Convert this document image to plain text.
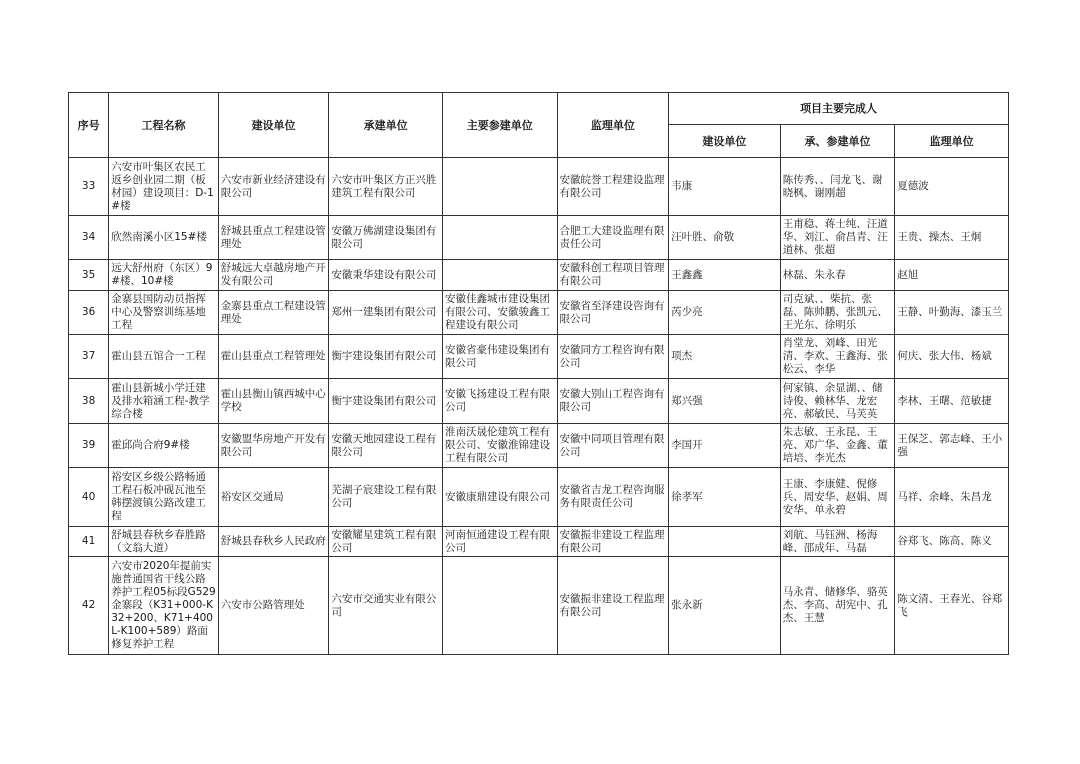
序号	工程名称	建设单位	承建单位	主要参建单位	监理单位	项目主要完成人		
						建设单位	承、参建单位	监理单位
33	六安市叶集区农民工返乡创业园二期（板材园）建设项目：D-1#楼	六安市新业经济建设有限公司	六安市叶集区方正兴胜建筑工程有限公司		安徽皖誉工程建设监理有限公司	韦康	陈传秀、、闫龙飞、谢晓枫、谢刚超	夏德波
34	欣然南溪小区15#楼	舒城县重点工程建设管理处	安徽万佛湖建设集团有限公司		合肥工大建设监理有限责任公司	汪叶胜、俞敬	王甫稳、蒋士纯、汪道华、刘江、俞昌青、汪道林、张超	王贵、操杰、王炯
35	远大舒州府（东区）9#楼、10#楼	舒城远大卓越房地产开发有限公司	安徽秉华建设有限公司		安徽科创工程项目管理有限公司	王鑫鑫	林磊、朱永春	赵旭
36	金寨县国防动员指挥中心及警察训练基地工程	金寨县重点工程建设管理处	郑州一建集团有限公司	安徽佳鑫城市建设集团有限公司、安徽骏鑫工程建设有限公司	安徽省至泽建设咨询有限公司	芮少亮	司克斌、、柴抗、张磊、陈帅鹏、张凯元、王光东、徐明乐	王静、叶勤海、漆玉兰
37	霍山县五馆合一工程	霍山县重点工程管理处	衡宇建设集团有限公司	安徽省豪伟建设集团有限公司	安徽同方工程咨询有限公司	项杰	肖堂龙、刘峰、田光清、李欢、王鑫海、张松云、李华	何庆、张大伟、杨斌
38	霍山县新城小学迁建及排水箱涵工程-教学综合楼	霍山县衡山镇西城中心学校	衡宇建设集团有限公司	安徽飞扬建设工程有限公司	安徽大别山工程咨询有限公司	郑兴强	何家镇、余显湖、、储诗俊、赖林华、龙宏亮、郝敏民、马芙英	李林、王曙、范敏捷
39	霍邱尚合府9#楼	安徽盟华房地产开发有限公司	安徽天地园建设工程有限公司	淮南沃晟伦建筑工程有限公司、安徽淮锦建设工程有限公司	安徽中同项目管理有限公司	李国开	朱志敏、王永昆、王亮、邓广华、金鑫、董培培、李光杰	王保芝、郭志峰、王小强
40	裕安区乡级公路畅通工程石板冲砚瓦池至韩摆渡镇公路改建工程	裕安区交通局	芜湖子宸建设工程有限公司	安徽康鼎建设有限公司	安徽省吉龙工程咨询服务有限责任公司	徐孝军	王康、李康健、倪修兵、周安华、赵娟、周安华、单永碧	马祥、余峰、朱昌龙
41	舒城县春秋乡春胜路（文翁大道）	舒城县春秋乡人民政府	安徽耀星建筑工程有限公司	河南恒通建设工程有限公司	安徽振非建设工程监理有限公司		刘航、马钰洲、杨海峰、邵成年、马磊	谷郑飞、陈高、陈义
42	六安市2020年提前实施普通国省干线公路养护工程05标段G529金寨段（K31+000-K32+200、K71+400L-K100+589）路面修复养护工程	六安市公路管理处	六安市交通实业有限公司		安徽振非建设工程监理有限公司	张永新	马永青、储修华、骆英杰、李高、胡宪中、孔杰、王慧	陈文清、王春光、谷郑飞
